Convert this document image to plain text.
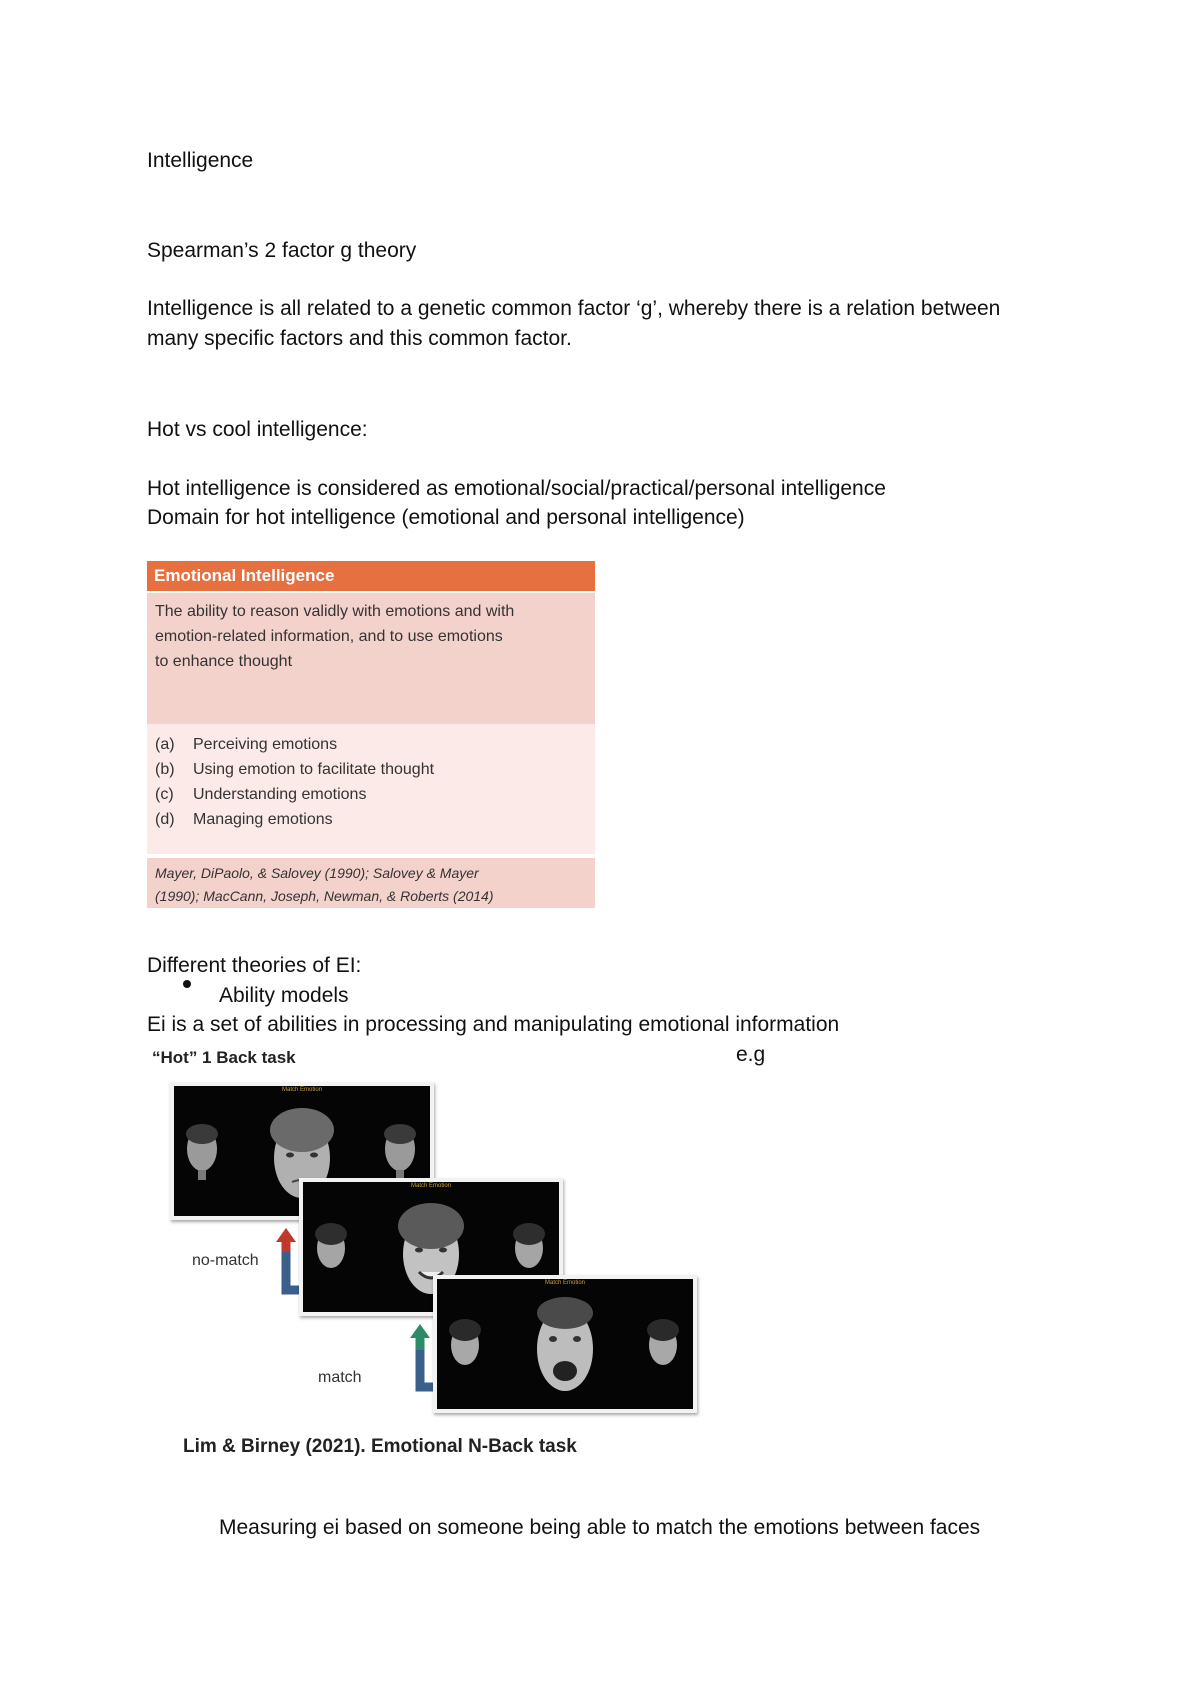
Intelligence
Spearman’s 2 factor g theory
Intelligence is all related to a genetic common factor ‘g’, whereby there is a relation between
many specific factors and this common factor.
Hot vs cool intelligence:
Hot intelligence is considered as emotional/social/practical/personal intelligence
Domain for hot intelligence (emotional and personal intelligence)
Emotional Intelligence
The ability to reason validly with emotions and with
emotion-related information, and to use emotions
to enhance thought
(a)	Perceiving emotions
(b)	Using emotion to facilitate thought
(c)	Understanding emotions
(d)	Managing emotions
Mayer, DiPaolo, & Salovey (1990); Salovey & Mayer
(1990); MacCann, Joseph, Newman, & Roberts (2014)
Different theories of EI:
Ability models
Ei is a set of abilities in processing and manipulating emotional information
e.g
“Hot” 1 Back task
Match Emotion
Match Emotion
Match Emotion
no-match
match
Lim & Birney (2021). Emotional N-Back task
Measuring ei based on someone being able to match the emotions between faces
